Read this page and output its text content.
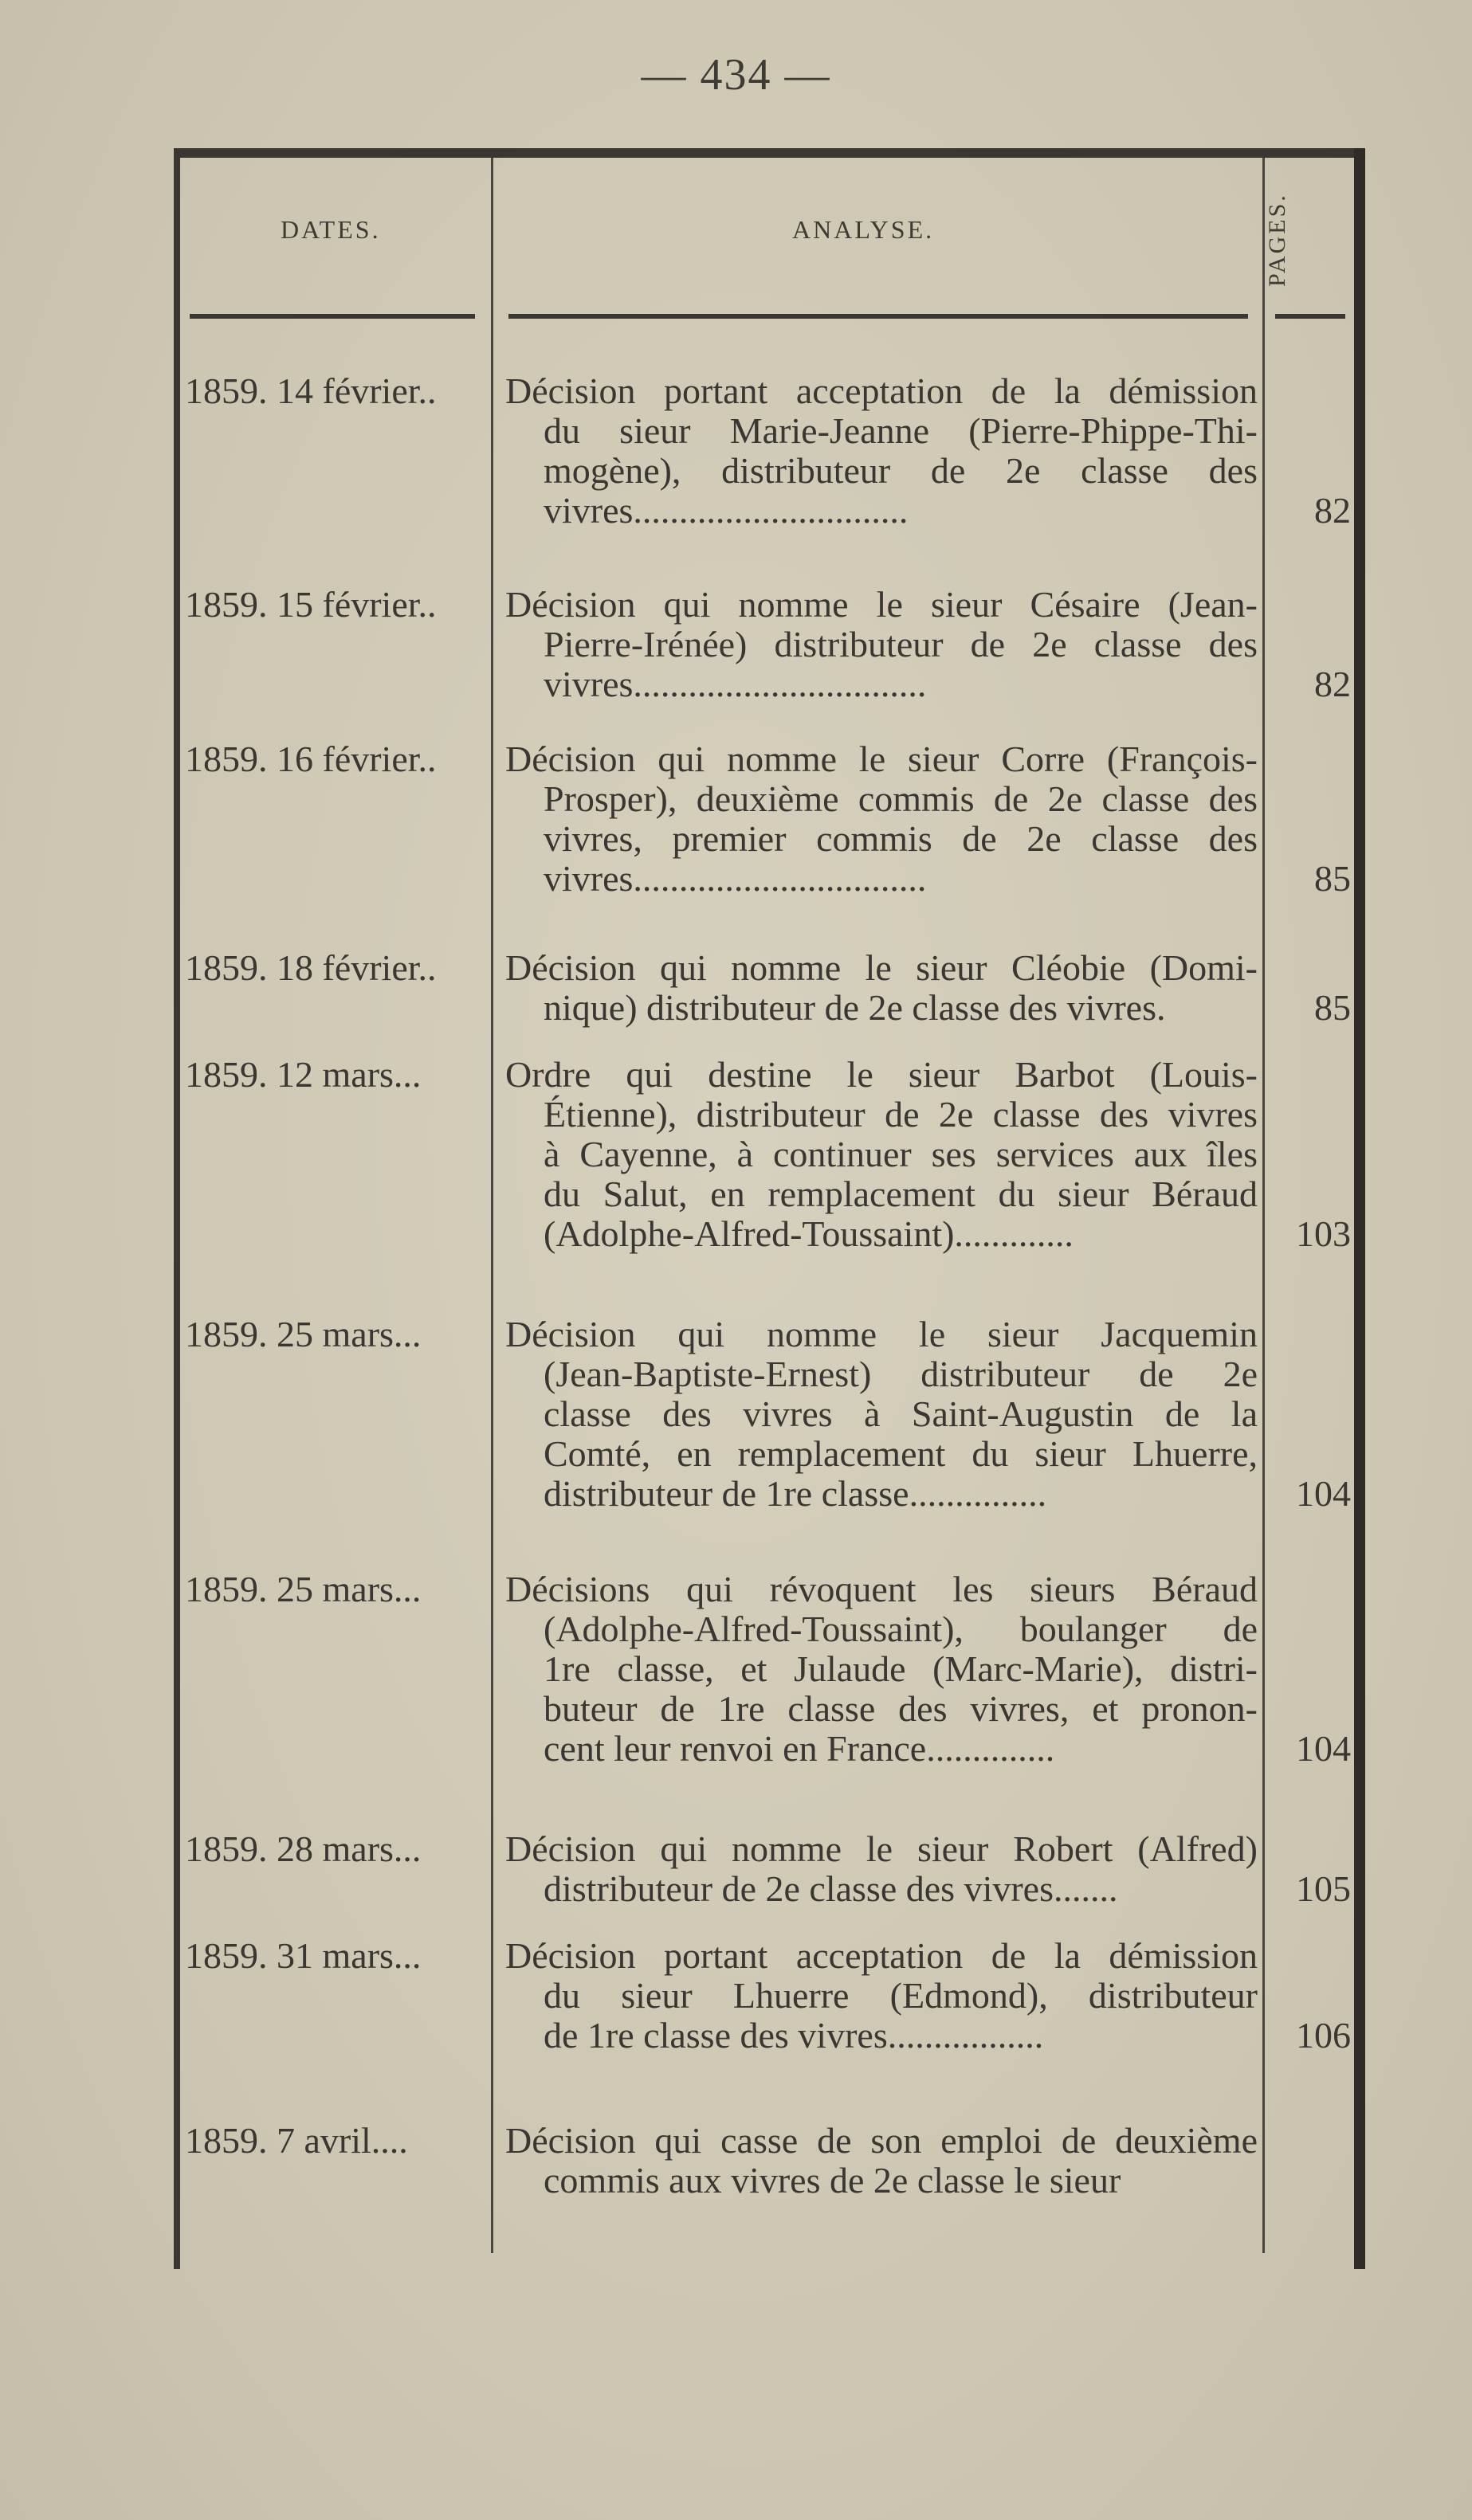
— 434 —
DATES.	ANALYSE.	PAGES.
1859. 14 février.. Décision portant acceptation de la démission
du sieur Marie-Jeanne (Pierre-Phippe-Thi-
mogène), distributeur de 2e classe des
vivres..............................	82
1859. 15 février.. Décision qui nomme le sieur Césaire (Jean-
Pierre-Irénée) distributeur de 2e classe des
vivres................................	82
1859. 16 février.. Décision qui nomme le sieur Corre (François-
Prosper), deuxième commis de 2e classe des
vivres, premier commis de 2e classe des
vivres................................	85
1859. 18 février.. Décision qui nomme le sieur Cléobie (Domi-
nique) distributeur de 2e classe des vivres.	85
1859. 12 mars... Ordre qui destine le sieur Barbot (Louis-
Étienne), distributeur de 2e classe des vivres
à Cayenne, à continuer ses services aux îles
du Salut, en remplacement du sieur Béraud
(Adolphe-Alfred-Toussaint).............	103
1859. 25 mars... Décision qui nomme le sieur Jacquemin
(Jean-Baptiste-Ernest) distributeur de 2e
classe des vivres à Saint-Augustin de la
Comté, en remplacement du sieur Lhuerre,
distributeur de 1re classe...............	104
1859. 25 mars... Décisions qui révoquent les sieurs Béraud
(Adolphe-Alfred-Toussaint), boulanger de
1re classe, et Julaude (Marc-Marie), distri-
buteur de 1re classe des vivres, et pronon-
cent leur renvoi en France..............	104
1859. 28 mars... Décision qui nomme le sieur Robert (Alfred)
distributeur de 2e classe des vivres.......	105
1859. 31 mars... Décision portant acceptation de la démission
du sieur Lhuerre (Edmond), distributeur
de 1re classe des vivres.................	106
1859. 7 avril....	Décision qui casse de son emploi de deuxième
commis aux vivres de 2e classe le sieur
